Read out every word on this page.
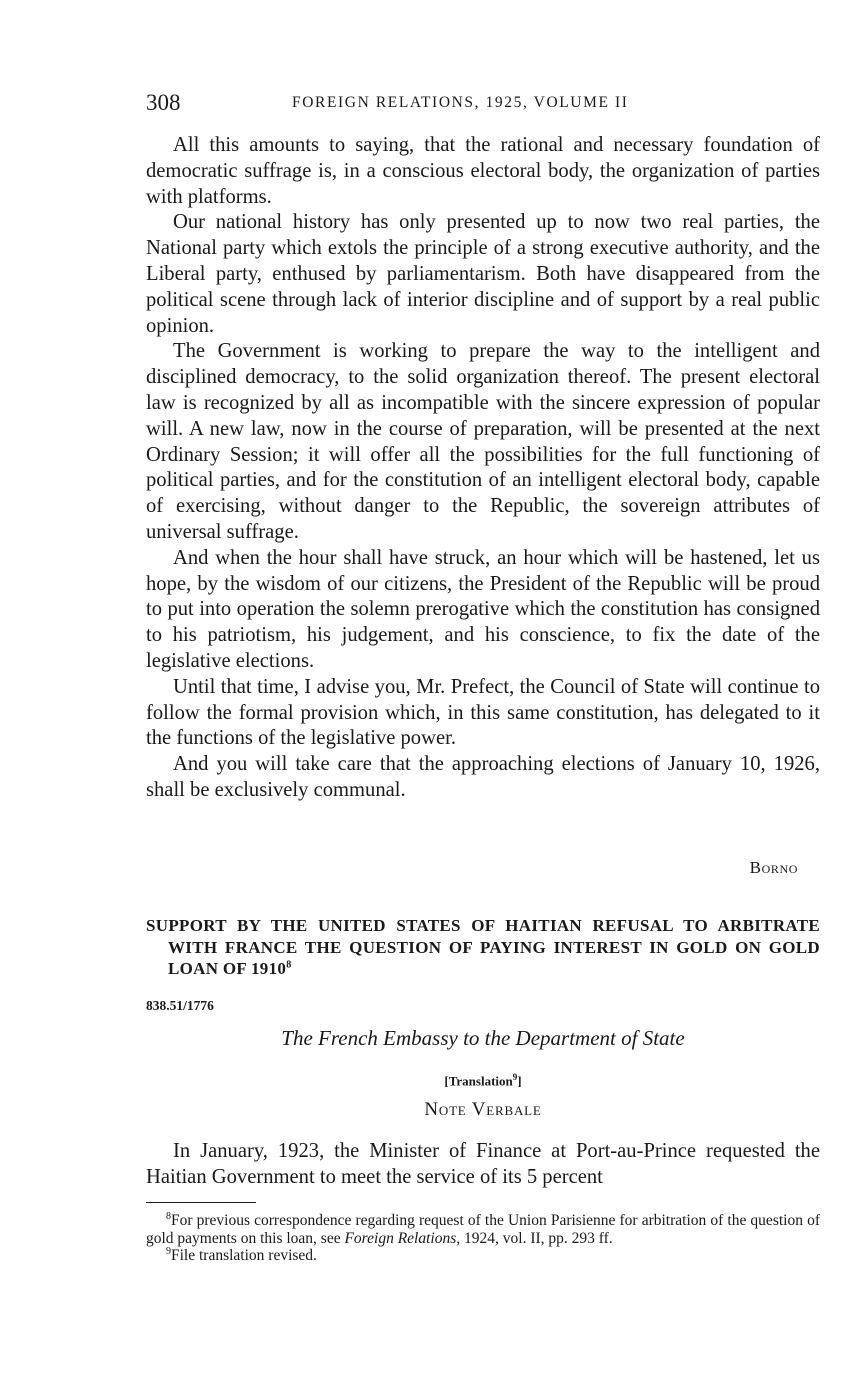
308	FOREIGN RELATIONS, 1925, VOLUME II

All this amounts to saying, that the rational and necessary foundation of democratic suffrage is, in a conscious electoral body, the organization of parties with platforms.

Our national history has only presented up to now two real parties, the National party which extols the principle of a strong executive authority, and the Liberal party, enthused by parliamentarism. Both have disappeared from the political scene through lack of interior discipline and of support by a real public opinion.

The Government is working to prepare the way to the intelligent and disciplined democracy, to the solid organization thereof. The present electoral law is recognized by all as incompatible with the sincere expression of popular will. A new law, now in the course of preparation, will be presented at the next Ordinary Session; it will offer all the possibilities for the full functioning of political parties, and for the constitution of an intelligent electoral body, capable of exercising, without danger to the Republic, the sovereign attributes of universal suffrage.

And when the hour shall have struck, an hour which will be hastened, let us hope, by the wisdom of our citizens, the President of the Republic will be proud to put into operation the solemn prerogative which the constitution has consigned to his patriotism, his judgement, and his conscience, to fix the date of the legislative elections.

Until that time, I advise you, Mr. Prefect, the Council of State will continue to follow the formal provision which, in this same constitution, has delegated to it the functions of the legislative power.

And you will take care that the approaching elections of January 10, 1926, shall be exclusively communal.

Borno
SUPPORT BY THE UNITED STATES OF HAITIAN REFUSAL TO ARBITRATE WITH FRANCE THE QUESTION OF PAYING INTEREST IN GOLD ON GOLD LOAN OF 1910$^8$
838.51/1776
The French Embassy to the Department of State
[Translation$^9$]
Note Verbale

In January, 1923, the Minister of Finance at Port-au-Prince requested the Haitian Government to meet the service of its 5 percent

$^8$For previous correspondence regarding request of the Union Parisienne for arbitration of the question of gold payments on this loan, see Foreign Relations, 1924, vol. II, pp. 293 ff.

$^9$File translation revised.
